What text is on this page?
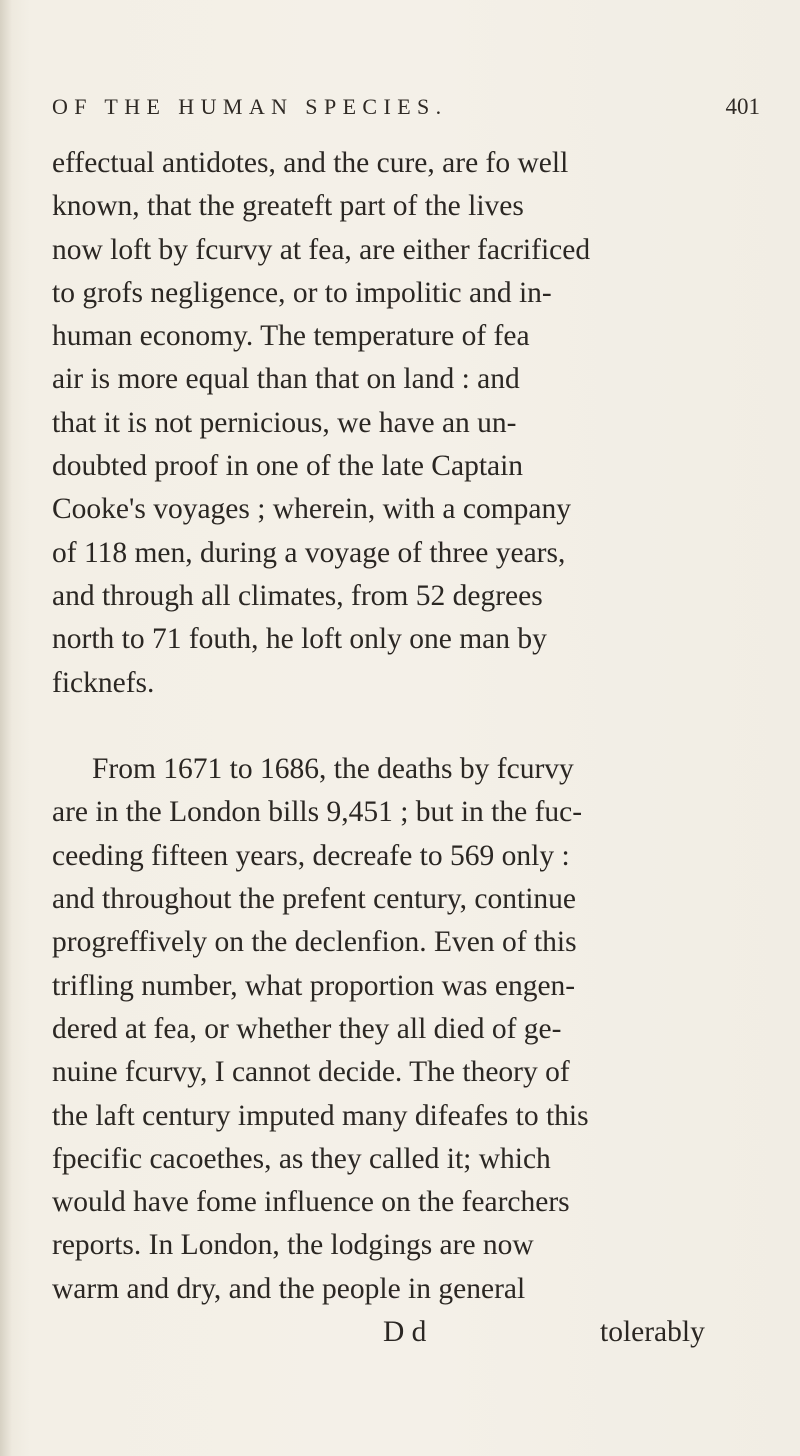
OF THE HUMAN SPECIES.	401
effectual antidotes, and the cure, are fo well
known, that the greateft part of the lives
now loft by fcurvy at fea, are either facrificed
to grofs negligence, or to impolitic and in-
human economy. The temperature of fea
air is more equal than that on land : and
that it is not pernicious, we have an un-
doubted proof in one of the late Captain
Cooke's voyages ; wherein, with a company
of 118 men, during a voyage of three years,
and through all climates, from 52 degrees
north to 71 fouth, he loft only one man by
ficknefs.
From 1671 to 1686, the deaths by fcurvy
are in the London bills 9,451 ; but in the fuc-
ceeding fifteen years, decreafe to 569 only :
and throughout the prefent century, continue
progreffively on the declenfion. Even of this
trifling number, what proportion was engen-
dered at fea, or whether they all died of ge-
nuine fcurvy, I cannot decide. The theory of
the laft century imputed many difeafes to this
fpecific cacoethes, as they called it; which
would have fome influence on the fearchers
reports. In London, the lodgings are now
warm and dry, and the people in general
D d	tolerably
